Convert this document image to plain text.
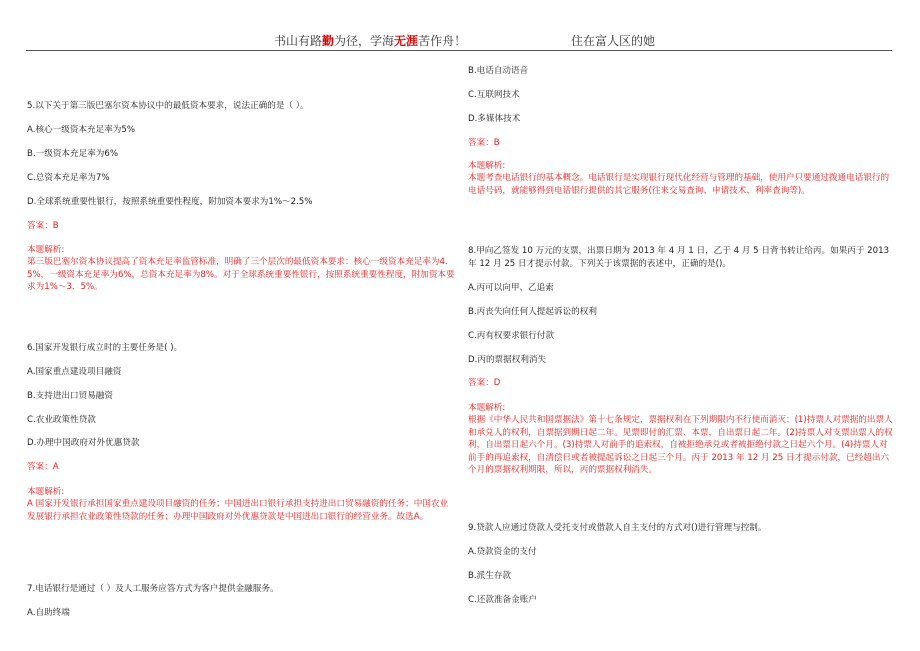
书山有路勤为径，学海无涯苦作舟！	住在富人区的她
5.以下关于第三版巴塞尔资本协议中的最低资本要求，说法正确的是（ ）。
A.核心一级资本充足率为5%
B.一级资本充足率为6%
C.总资本充足率为7%
D.全球系统重要性银行，按照系统重要性程度，附加资本要求为1%～2.5%
答案：B
本题解析:
第三版巴塞尔资本协议提高了资本充足率监管标准，明确了三个层次的最低资本要求：核心一级资本充足率为4．5%，一级资本充足率为6%，总资本充足率为8%。对于全球系统重要性银行，按照系统重要性程度，附加资本要求为1%～3．5%。
6.国家开发银行成立时的主要任务是( )。
A.国家重点建设项目融资
B.支持进出口贸易融资
C.农业政策性贷款
D.办理中国政府对外优惠贷款
答案：A
本题解析:
A 国家开发银行承担国家重点建设项目融资的任务；中国进出口银行承担支持进出口贸易融资的任务；中国农业发展银行承担农业政策性贷款的任务；办理中国政府对外优惠贷款是中国进出口银行的经营业务。故选A。
7.电话银行是通过（ ）及人工服务应答方式为客户提供金融服务。
A.自助终端
B.电话自动语音
C.互联网技术
D.多媒体技术
答案：B
本题解析:
本题考查电话银行的基本概念。电话银行是实现银行现代化经营与管理的基础，使用户只要通过拨通电话银行的电话号码，就能够得到电话银行提供的其它服务(往来交易查询、申请技术、利率查询等)。
8.甲向乙签发 10 万元的支票，出票日期为 2013 年 4 月 1 日，乙于 4 月 5 日背书转让给丙。如果丙于 2013 年 12 月 25 日才提示付款。下列关于该票据的表述中，正确的是()。
A.丙可以向甲、乙追索
B.丙丧失向任何人提起诉讼的权利
C.丙有权要求银行付款
D.丙的票据权利消失
答案：D
本题解析:
根据《中华人民共和国票据法》第十七条规定，票据权利在下列期限内不行使而消灭：(1)持票人对票据的出票人和承兑人的权利，自票据到期日起二年。见票即付的汇票、本票，自出票日起二年。(2)持票人对支票出票人的权利，自出票日起六个月。(3)持票人对前手的追索权，自被拒绝承兑或者被拒绝付款之日起六个月。(4)持票人对前手的再追索权，自清偿日或者被提起诉讼之日起三个月。丙于 2013 年 12 月 25 日才提示付款，已经超出六个月的票据权利期限，所以，丙的票据权利消失。
9.贷款人应通过贷款人受托支付或借款人自主支付的方式对()进行管理与控制。
A.贷款资金的支付
B.派生存款
C.还款准备金账户
